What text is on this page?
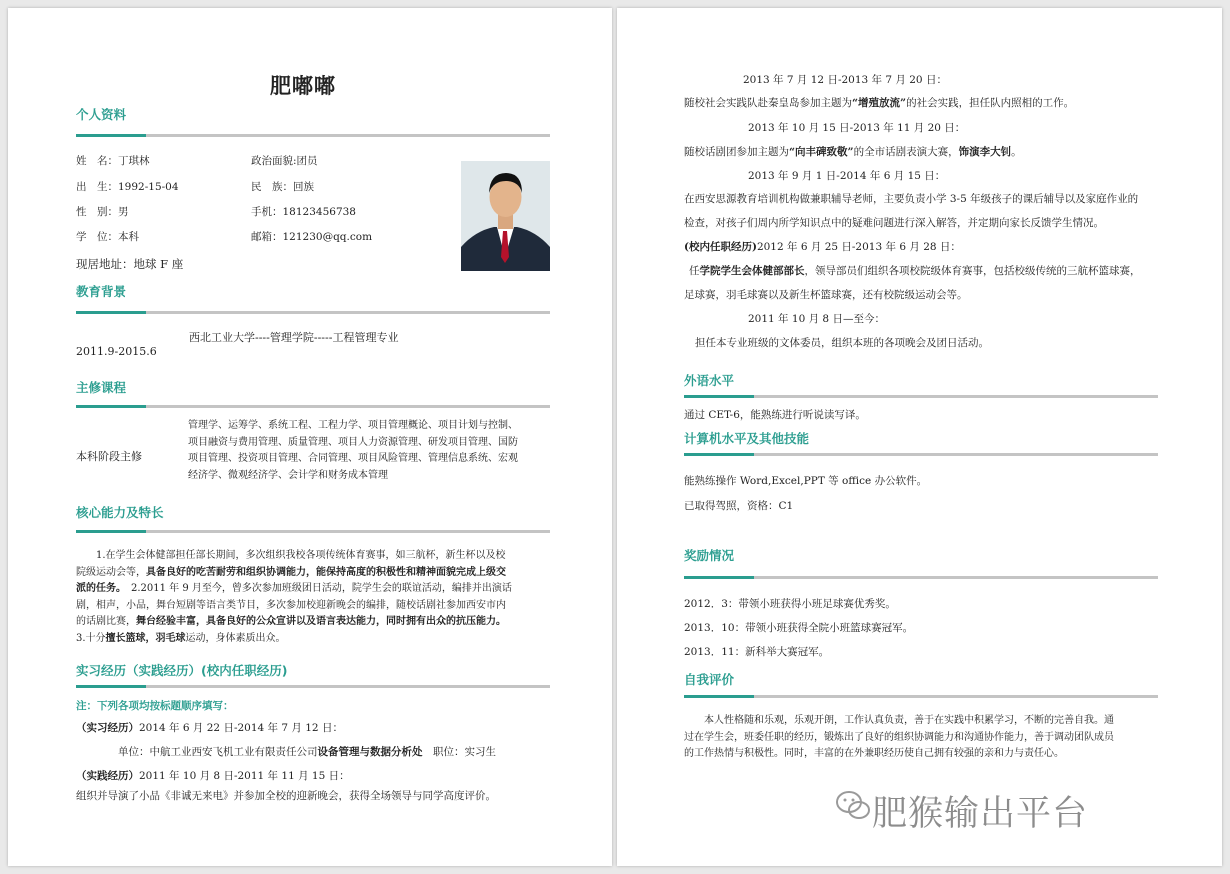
肥嘟嘟
个人资料
姓　名：丁琪林
出　生：1992-15-04
性　别：男
学　位：本科
现居地址：地球 F 座
政治面貌:团员
民　族：回族
手机：18123456738
邮箱：121230@qq.com
教育背景
西北工业大学----管理学院-----工程管理专业
2011.9-2015.6
主修课程
本科阶段主修
管理学、运筹学、系统工程、工程力学、项目管理概论、项目计划与控制、
项目融资与费用管理、质量管理、项目人力资源管理、研发项目管理、国防
项目管理、投资项目管理、合同管理、项目风险管理、管理信息系统、宏观
经济学、微观经济学、会计学和财务成本管理
核心能力及特长
1.在学生会体健部担任部长期间，多次组织我校各项传统体育赛事，如三航杯，新生杯以及校
院级运动会等，具备良好的吃苦耐劳和组织协调能力，能保持高度的积极性和精神面貌完成上级交
派的任务。　2.2011 年 9 月至今，曾多次参加班级团日活动，院学生会的联谊活动，编排并出演话
剧，相声，小品，舞台短剧等语言类节目，多次参加校迎新晚会的编排，随校话剧社参加西安市内
的话剧比赛，舞台经验丰富，具备良好的公众宣讲以及语言表达能力，同时拥有出众的抗压能力。
3.十分擅长篮球，羽毛球运动，身体素质出众。
实习经历（实践经历）(校内任职经历)
注：下列各项均按标题顺序填写：
（实习经历）2014 年 6 月 22 日-2014 年 7 月 12 日：
单位：中航工业西安飞机工业有限责任公司设备管理与数据分析处　职位：实习生
（实践经历）2011 年 10 月 8 日-2011 年 11 月 15 日：
组织并导演了小品《非诚无来电》并参加全校的迎新晚会，获得全场领导与同学高度评价。
2013 年 7 月 12 日-2013 年 7 月 20 日：
随校社会实践队赴秦皇岛参加主题为“增殖放流”的社会实践，担任队内照相的工作。
2013 年 10 月 15 日-2013 年 11 月 20 日：
随校话剧团参加主题为“向丰碑致敬”的全市话剧表演大赛，饰演李大钊。
2013 年 9 月 1 日-2014 年 6 月 15 日：
在西安思源教育培训机构做兼职辅导老师，主要负责小学 3-5 年级孩子的课后辅导以及家庭作业的
检查，对孩子们周内所学知识点中的疑难问题进行深入解答，并定期向家长反馈学生情况。
(校内任职经历)2012 年 6 月 25 日-2013 年 6 月 28 日：
任学院学生会体健部部长，领导部员们组织各项校院级体育赛事，包括校级传统的三航杯篮球赛，
足球赛，羽毛球赛以及新生杯篮球赛，还有校院级运动会等。
2011 年 10 月 8 日—至今：
担任本专业班级的文体委员，组织本班的各项晚会及团日活动。
外语水平
通过 CET-6，能熟练进行听说读写译。
计算机水平及其他技能
能熟练操作 Word,Excel,PPT 等 office 办公软件。
已取得驾照，资格：C1
奖励情况
2012．3：带领小班获得小班足球赛优秀奖。
2013．10：带领小班获得全院小班篮球赛冠军。
2013．11：新科举大赛冠军。
自我评价
本人性格随和乐观，乐观开朗，工作认真负责，善于在实践中积累学习，不断的完善自我。通
过在学生会，班委任职的经历，锻炼出了良好的组织协调能力和沟通协作能力，善于调动团队成员
的工作热情与积极性。同时，丰富的在外兼职经历使自己拥有较强的亲和力与责任心。
肥猴输出平台
